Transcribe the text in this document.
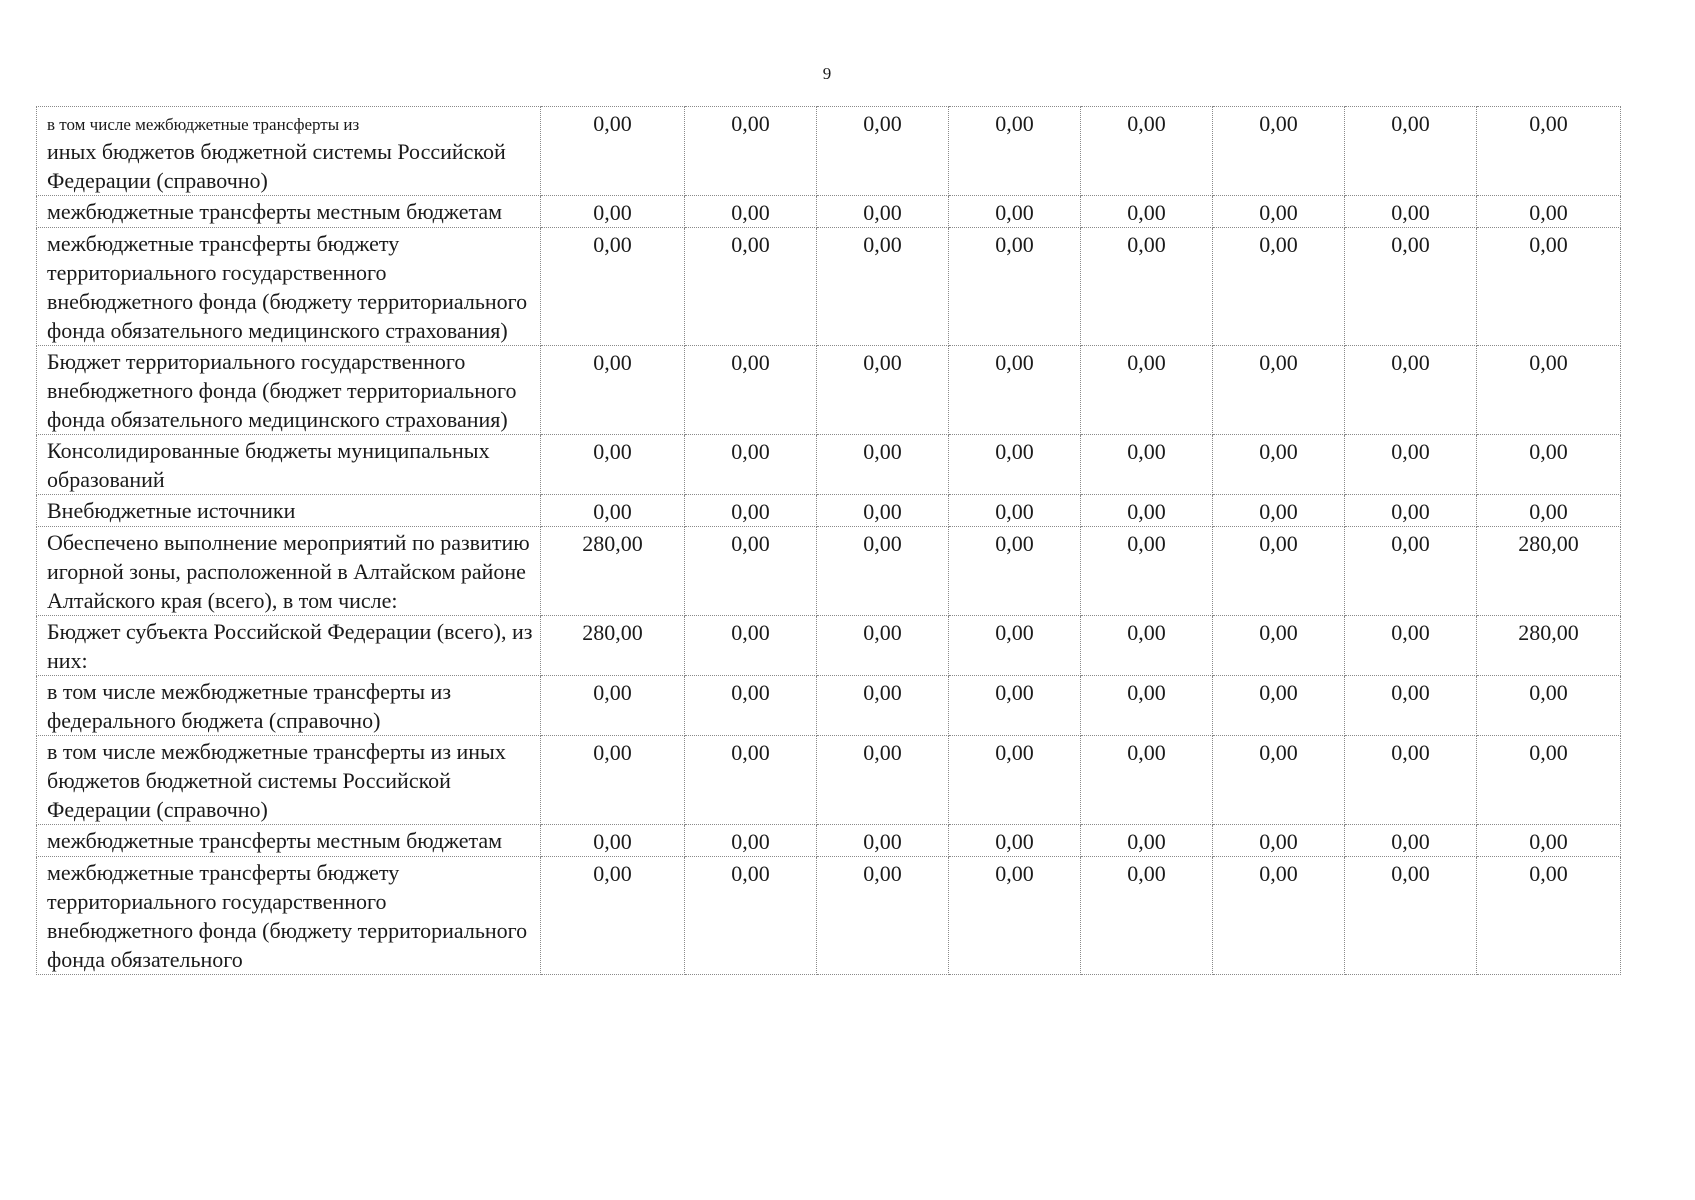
9
в том числе межбюджетные трансферты из
иных бюджетов бюджетной системы Российской Федерации (справочно)	0,00	0,00	0,00	0,00	0,00	0,00	0,00	0,00
межбюджетные трансферты местным бюджетам	0,00	0,00	0,00	0,00	0,00	0,00	0,00	0,00
межбюджетные трансферты бюджету территориального государственного внебюджетного фонда (бюджету территориального фонда обязательного медицинского страхования)	0,00	0,00	0,00	0,00	0,00	0,00	0,00	0,00
Бюджет территориального государственного внебюджетного фонда (бюджет территориального фонда обязательного медицинского страхования)	0,00	0,00	0,00	0,00	0,00	0,00	0,00	0,00
Консолидированные бюджеты муниципальных образований	0,00	0,00	0,00	0,00	0,00	0,00	0,00	0,00
Внебюджетные источники	0,00	0,00	0,00	0,00	0,00	0,00	0,00	0,00
Обеспечено выполнение мероприятий по развитию игорной зоны, расположенной в Алтайском районе Алтайского края (всего), в том числе:	280,00	0,00	0,00	0,00	0,00	0,00	0,00	280,00
Бюджет субъекта Российской Федерации (всего), из них:	280,00	0,00	0,00	0,00	0,00	0,00	0,00	280,00
в том числе межбюджетные трансферты из федерального бюджета (справочно)	0,00	0,00	0,00	0,00	0,00	0,00	0,00	0,00
в том числе межбюджетные трансферты из иных бюджетов бюджетной системы Российской Федерации (справочно)	0,00	0,00	0,00	0,00	0,00	0,00	0,00	0,00
межбюджетные трансферты местным бюджетам	0,00	0,00	0,00	0,00	0,00	0,00	0,00	0,00
межбюджетные трансферты бюджету территориального государственного внебюджетного фонда (бюджету территориального фонда обязательного	0,00	0,00	0,00	0,00	0,00	0,00	0,00	0,00
